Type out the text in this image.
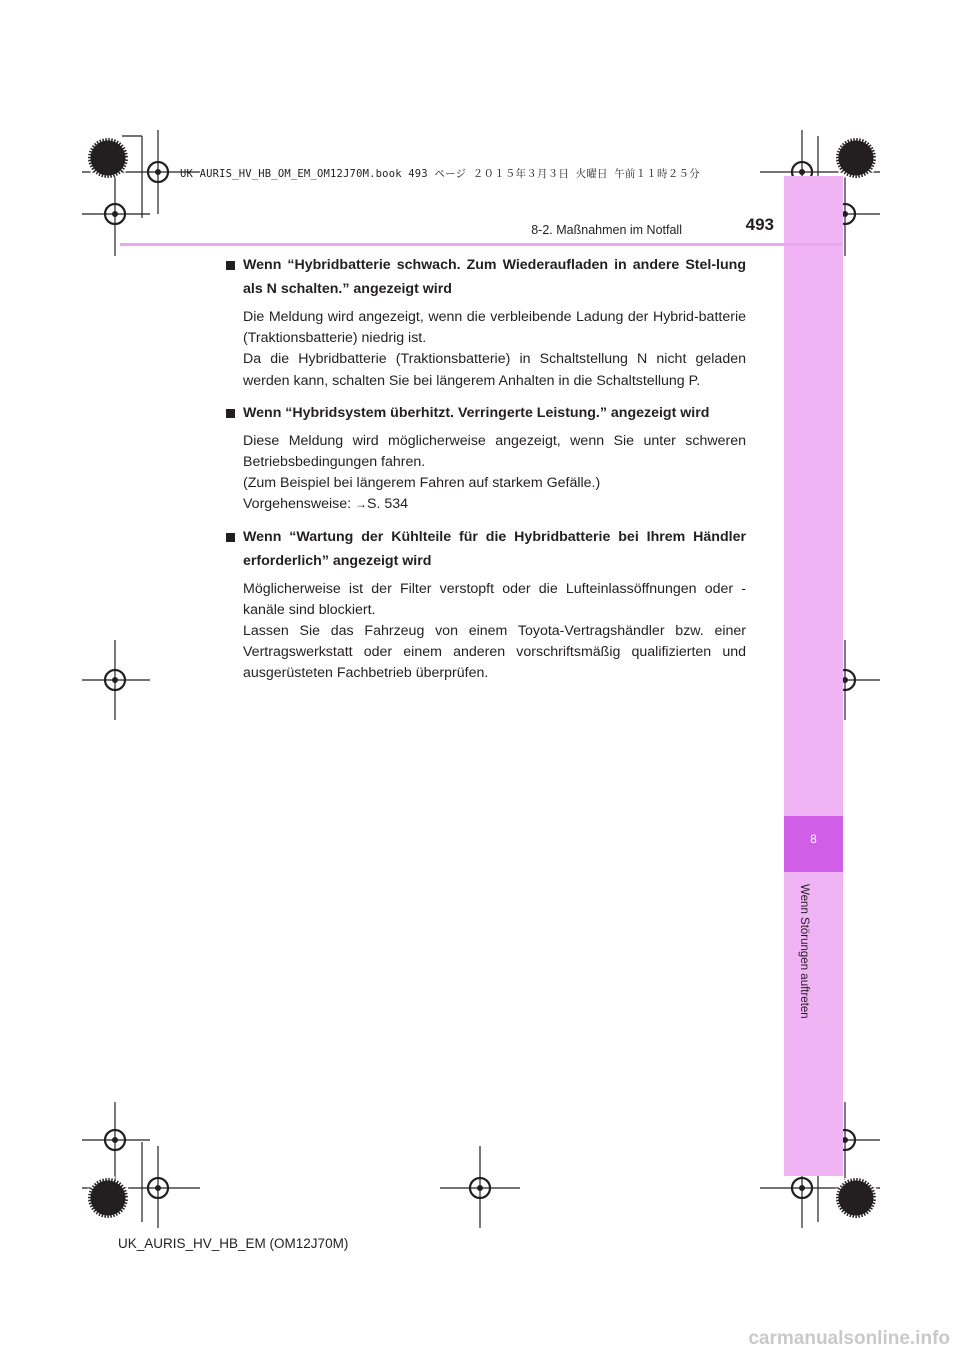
UK AURIS_HV_HB_OM_EM_OM12J70M.book 493 ページ ２０１５年３月３日 火曜日 午前１１時２５分
8
Wenn Störungen auftreten
8-2. Maßnahmen im Notfall	493
Wenn “Hybridbatterie schwach. Zum Wiederaufladen in andere Stel-lung als N schalten.” angezeigt wird

Die Meldung wird angezeigt, wenn die verbleibende Ladung der Hybrid-batterie (Traktionsbatterie) niedrig ist.

Da die Hybridbatterie (Traktionsbatterie) in Schaltstellung N nicht geladen werden kann, schalten Sie bei längerem Anhalten in die Schaltstellung P.

Wenn “Hybridsystem überhitzt. Verringerte Leistung.” angezeigt wird

Diese Meldung wird möglicherweise angezeigt, wenn Sie unter schweren Betriebsbedingungen fahren.

(Zum Beispiel bei längerem Fahren auf starkem Gefälle.)

Vorgehensweise: →S. 534

Wenn “Wartung der Kühlteile für die Hybridbatterie bei Ihrem Händler erforderlich” angezeigt wird

Möglicherweise ist der Filter verstopft oder die Lufteinlassöffnungen oder -kanäle sind blockiert.

Lassen Sie das Fahrzeug von einem Toyota-Vertragshändler bzw. einer Vertragswerkstatt oder einem anderen vorschriftsmäßig qualifizierten und ausgerüsteten Fachbetrieb überprüfen.

UK_AURIS_HV_HB_EM (OM12J70M)
carmanualsonline.info
